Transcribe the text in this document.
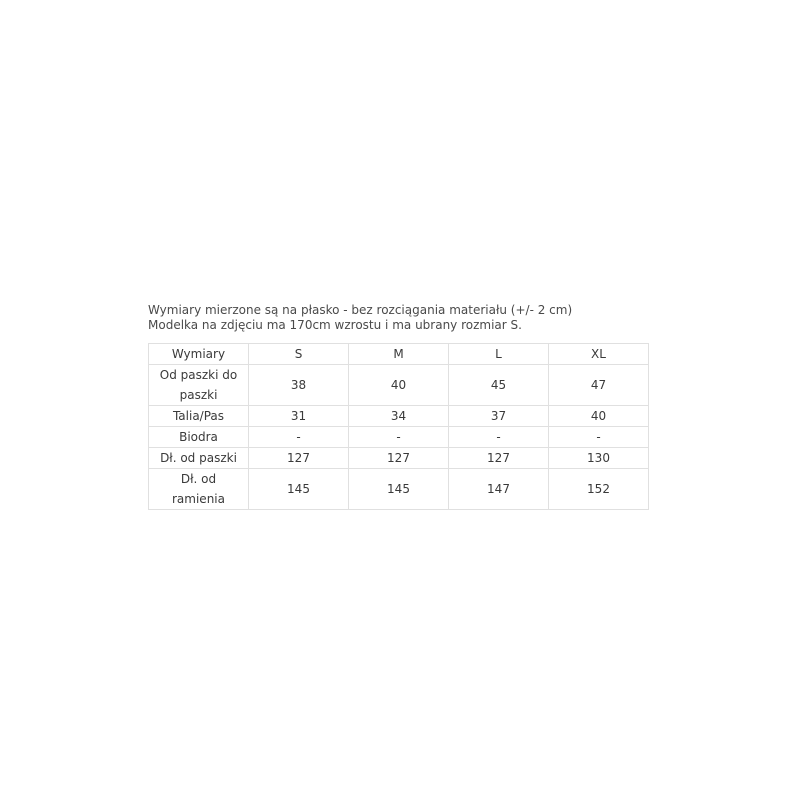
Wymiary mierzone są na płasko - bez rozciągania materiału (+/- 2 cm)

Modelka na zdjęciu ma 170cm wzrostu i ma ubrany rozmiar S.

Wymiary	S	M	L	XL
Od paszki do paszki	38	40	45	47
Talia/Pas	31	34	37	40
Biodra	-	-	-	-
Dł. od paszki	127	127	127	130
Dł. od ramienia	145	145	147	152
